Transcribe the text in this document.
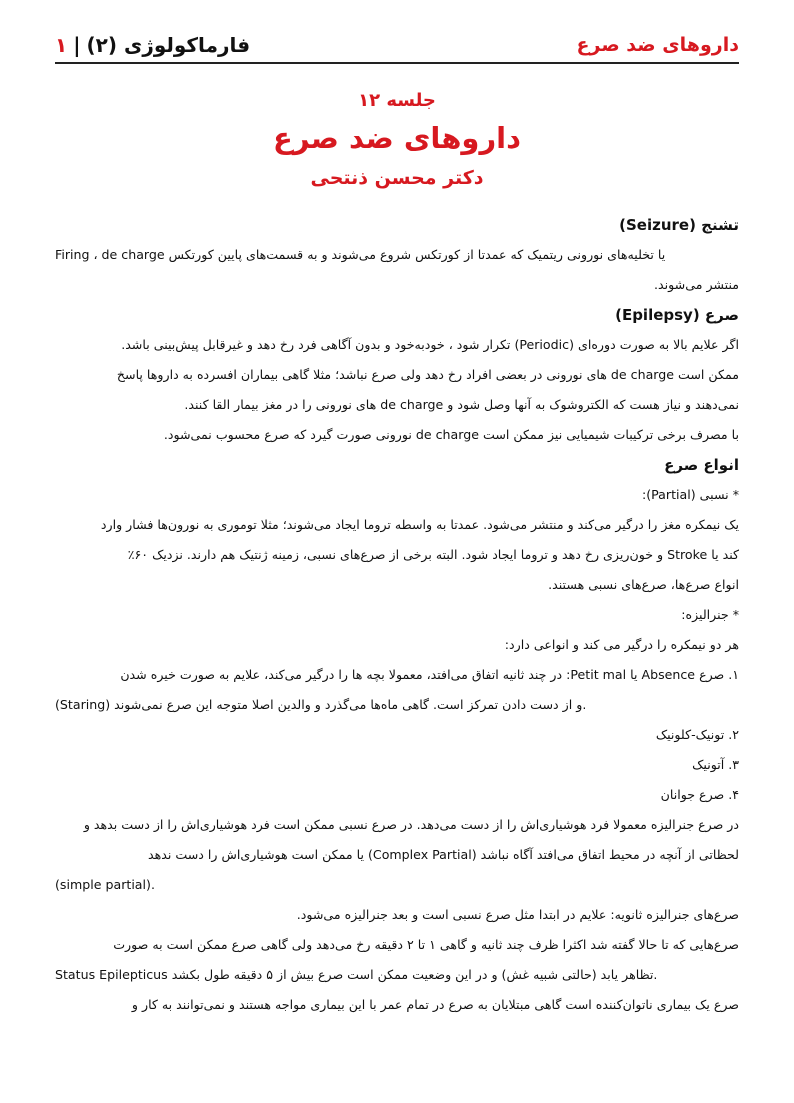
داروهای ضد صرع
فارماکولوژی (۲)|۱
جلسه ۱۲
داروهای ضد صرع
دکتر محسن ذنتحی
تشنج (Seizure)
Firing ، de charge یا تخلیه‌های نورونی ریتمیک که عمدتا از کورتکس شروع می‌شوند و به قسمت‌های پایین کورتکس
منتشر می‌شوند.
صرع (Epilepsy)
اگر علایم بالا به صورت دوره‌ای (Periodic) تکرار شود ، خودبه‌خود و بدون آگاهی فرد رخ دهد و غیرقابل پیش‌بینی باشد.
ممکن است de charge های نورونی در بعضی افراد رخ دهد ولی صرع نباشد؛ مثلا گاهی بیماران افسرده به داروها پاسخ
نمی‌دهند و نیاز هست که الکتروشوک به آنها وصل شود و de charge های نورونی را در مغز بیمار القا کنند.
با مصرف برخی ترکیبات شیمیایی نیز ممکن است de charge نورونی صورت گیرد که صرع محسوب نمی‌شود.
انواع صرع
* نسبی (Partial):
یک نیمکره مغز را درگیر می‌کند و منتشر می‌شود. عمدتا به واسطه تروما ایجاد می‌شوند؛ مثلا توموری به نورون‌ها فشار وارد
کند یا Stroke و خون‌ریزی رخ دهد و تروما ایجاد شود. البته برخی از صرع‌های نسبی، زمینه ژنتیک هم دارند. نزدیک ۶۰٪
انواع صرع‌ها، صرع‌های نسبی هستند.
* جنرالیزه:
هر دو نیمکره را درگیر می کند و انواعی دارد:
۱. صرع Absence یا Petit mal: در چند ثانیه اتفاق می‌افتد، معمولا بچه ها را درگیر می‌کند، علایم به صورت خیره شدن
(Staring) و از دست دادن تمرکز است. گاهی ماه‌ها می‌گذرد و والدین اصلا متوجه این صرع نمی‌شوند.
۲. تونیک-کلونیک
۳. آتونیک
۴. صرع جوانان
در صرع جنرالیزه معمولا فرد هوشیاری‌اش را از دست می‌دهد. در صرع نسبی ممکن است فرد هوشیاری‌اش را از دست بدهد و
لحظاتی از آنچه در محیط اتفاق می‌افتد آگاه نباشد (Complex Partial) یا ممکن است هوشیاری‌اش را دست ندهد
(simple partial).
صرع‌های جنرالیزه ثانویه: علایم در ابتدا مثل صرع نسبی است و بعد جنرالیزه می‌شود.
صرع‌هایی که تا حالا گفته شد اکثرا ظرف چند ثانیه و گاهی ۱ تا ۲ دقیقه رخ می‌دهد ولی گاهی صرع ممکن است به صورت
Status Epilepticus تظاهر یابد (حالتی شبیه غش) و در این وضعیت ممکن است صرع بیش از ۵ دقیقه طول بکشد.
صرع یک بیماری ناتوان‌کننده است گاهی مبتلایان به صرع در تمام عمر با این بیماری مواجه هستند و نمی‌توانند به کار و
